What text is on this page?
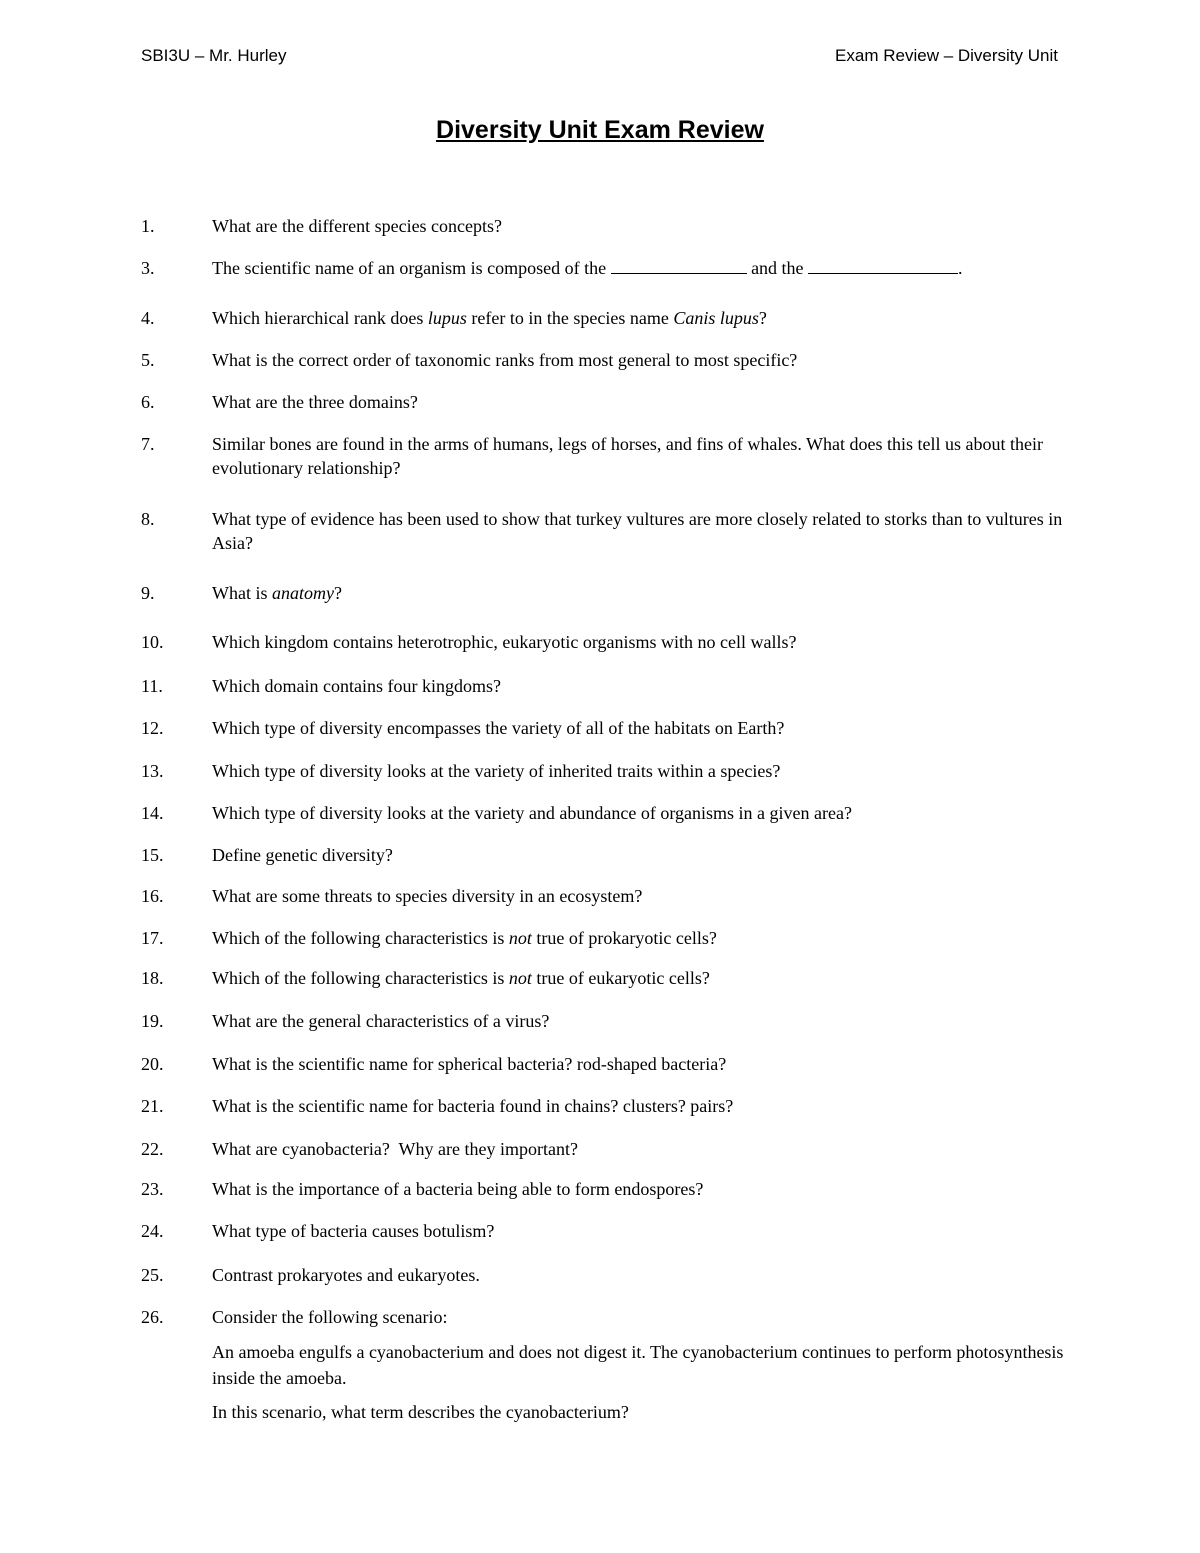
SBI3U – Mr. Hurley	Exam Review – Diversity Unit
Diversity Unit Exam Review
1.	What are the different species concepts?
3.	The scientific name of an organism is composed of the	and the	.
4.	Which hierarchical rank does lupus refer to in the species name Canis lupus?
5.	What is the correct order of taxonomic ranks from most general to most specific?
6.	What are the three domains?
7.	Similar bones are found in the arms of humans, legs of horses, and fins of whales. What does this tell us about their evolutionary relationship?
8.	What type of evidence has been used to show that turkey vultures are more closely related to storks than to vultures in Asia?
9.	What is anatomy?
10.	Which kingdom contains heterotrophic, eukaryotic organisms with no cell walls?
11.	Which domain contains four kingdoms?
12.	Which type of diversity encompasses the variety of all of the habitats on Earth?
13.	Which type of diversity looks at the variety of inherited traits within a species?
14.	Which type of diversity looks at the variety and abundance of organisms in a given area?
15.	Define genetic diversity?
16.	What are some threats to species diversity in an ecosystem?
17.	Which of the following characteristics is not true of prokaryotic cells?
18.	Which of the following characteristics is not true of eukaryotic cells?
19.	What are the general characteristics of a virus?
20.	What is the scientific name for spherical bacteria? rod-shaped bacteria?
21.	What is the scientific name for bacteria found in chains? clusters? pairs?
22.	What are cyanobacteria?  Why are they important?
23.	What is the importance of a bacteria being able to form endospores?
24.	What type of bacteria causes botulism?
25.	Contrast prokaryotes and eukaryotes.
26.	Consider the following scenario:
An amoeba engulfs a cyanobacterium and does not digest it. The cyanobacterium continues to perform photosynthesis inside the amoeba.
In this scenario, what term describes the cyanobacterium?
